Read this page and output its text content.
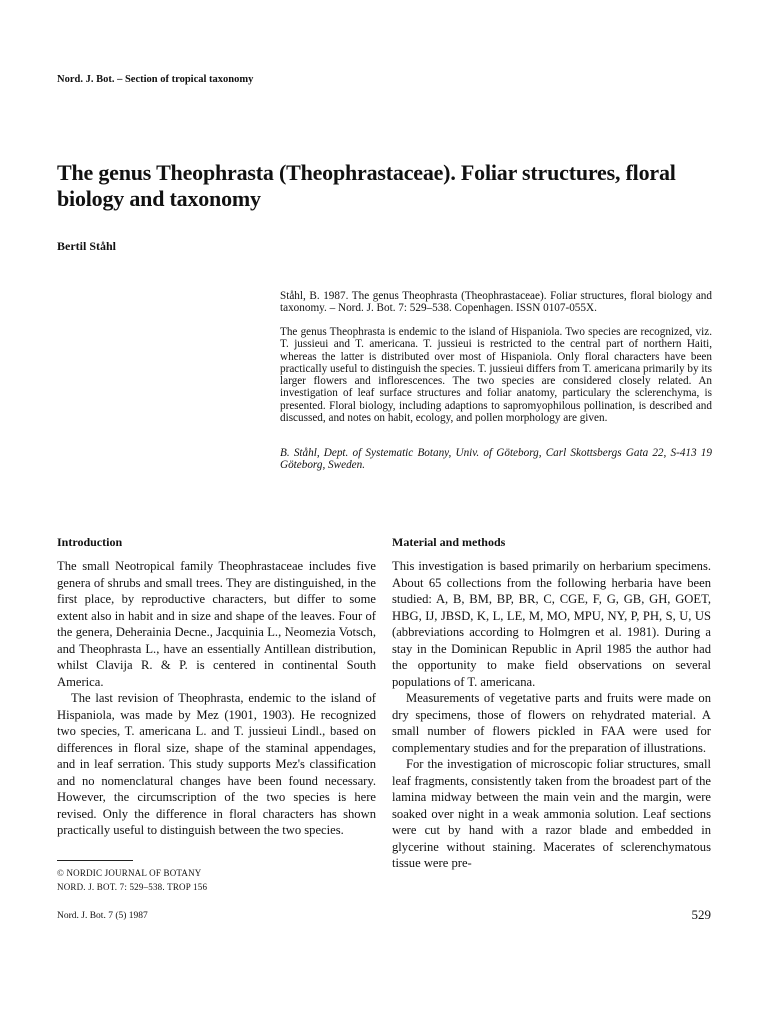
Nord. J. Bot. – Section of tropical taxonomy
The genus Theophrasta (Theophrastaceae). Foliar structures, floral biology and taxonomy
Bertil Ståhl
Ståhl, B. 1987. The genus Theophrasta (Theophrastaceae). Foliar structures, floral biology and taxonomy. – Nord. J. Bot. 7: 529–538. Copenhagen. ISSN 0107-055X.
The genus Theophrasta is endemic to the island of Hispaniola. Two species are recognized, viz. T. jussieui and T. americana. T. jussieui is restricted to the central part of northern Haiti, whereas the latter is distributed over most of Hispaniola. Only floral characters have been practically useful to distinguish the species. T. jussieui differs from T. americana primarily by its larger flowers and inflorescences. The two species are considered closely related. An investigation of leaf surface structures and foliar anatomy, particulary the sclerenchyma, is presented. Floral biology, including adaptions to sapromyophilous pollination, is described and discussed, and notes on habit, ecology, and pollen morphology are given.
B. Ståhl, Dept. of Systematic Botany, Univ. of Göteborg, Carl Skottsbergs Gata 22, S-413 19 Göteborg, Sweden.
Introduction

The small Neotropical family Theophrastaceae includes five genera of shrubs and small trees. They are distinguished, in the first place, by reproductive characters, but differ to some extent also in habit and in size and shape of the leaves. Four of the genera, Deherainia Decne., Jacquinia L., Neomezia Votsch, and Theophrasta L., have an essentially Antillean distribution, whilst Clavija R. & P. is centered in continental South America.

The last revision of Theophrasta, endemic to the island of Hispaniola, was made by Mez (1901, 1903). He recognized two species, T. americana L. and T. jussieui Lindl., based on differences in floral size, shape of the staminal appendages, and in leaf serration. This study supports Mez's classification and no nomenclatural changes have been found necessary. However, the circumscription of the two species is here revised. Only the difference in floral characters has shown practically useful to distinguish between the two species.

Material and methods

This investigation is based primarily on herbarium specimens. About 65 collections from the following herbaria have been studied: A, B, BM, BP, BR, C, CGE, F, G, GB, GH, GOET, HBG, IJ, JBSD, K, L, LE, M, MO, MPU, NY, P, PH, S, U, US (abbreviations according to Holmgren et al. 1981). During a stay in the Dominican Republic in April 1985 the author had the opportunity to make field observations on several populations of T. americana.

Measurements of vegetative parts and fruits were made on dry specimens, those of flowers on rehydrated material. A small number of flowers pickled in FAA were used for complementary studies and for the preparation of illustrations.

For the investigation of microscopic foliar structures, small leaf fragments, consistently taken from the broadest part of the lamina midway between the main vein and the margin, were soaked over night in a weak ammonia solution. Leaf sections were cut by hand with a razor blade and embedded in glycerine without staining. Macerates of sclerenchymatous tissue were pre-

© NORDIC JOURNAL OF BOTANY
NORD. J. BOT. 7: 529–538. TROP 156
Nord. J. Bot. 7 (5) 1987	529
